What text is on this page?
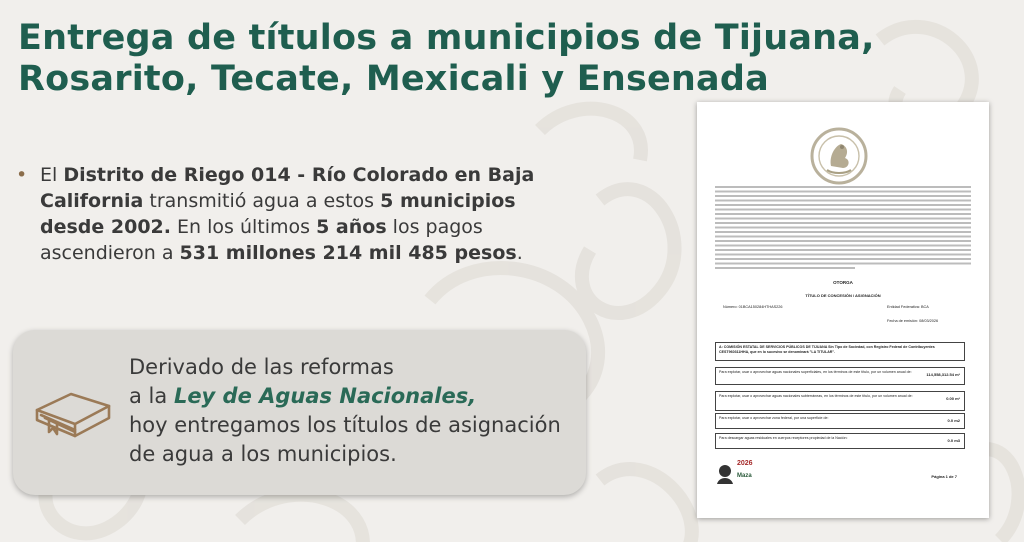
Entrega de títulos a municipios de Tijuana,
Rosarito, Tecate, Mexicali y Ensenada
• El Distrito de Riego 014 - Río Colorado en Baja California transmitió agua a estos 5 municipios desde 2002. En los últimos 5 años los pagos ascendieron a 531 millones 214 mil 485 pesos.
Derivado de las reformas
a la Ley de Aguas Nacionales,
hoy entregamos los títulos de asignación
de agua a los municipios.
OTORGA
TÍTULO DE CONCESIÓN / ASIGNACIÓN
Número: 01BCA150284HTHAS226	Entidad Federativa: BCA
Fecha de emisión: 08/03/2026
A: COMISIÓN ESTATAL DE SERVICIOS PÚBLICOS DE TIJUANA Sin Tipo de Sociedad, con Registro Federal de Contribuyentes CEST960311HHA, que en lo sucesivo se denominará "LA TITULAR".
Para explotar, usar o aprovechar aguas nacionales superficiales, en los términos de este título, por un volumen anual de:	114,558,312.54 m³
Para explotar, usar o aprovechar aguas nacionales subterráneas, en los términos de este título, por un volumen anual de:	0.00 m³
Para explotar, usar o aprovechar zona federal, por una superficie de:	0.0 m2
Para descargar aguas residuales en cuerpos receptores propiedad de la Nación:	0.0 m3
2026
Maza	Página 1 de 7
